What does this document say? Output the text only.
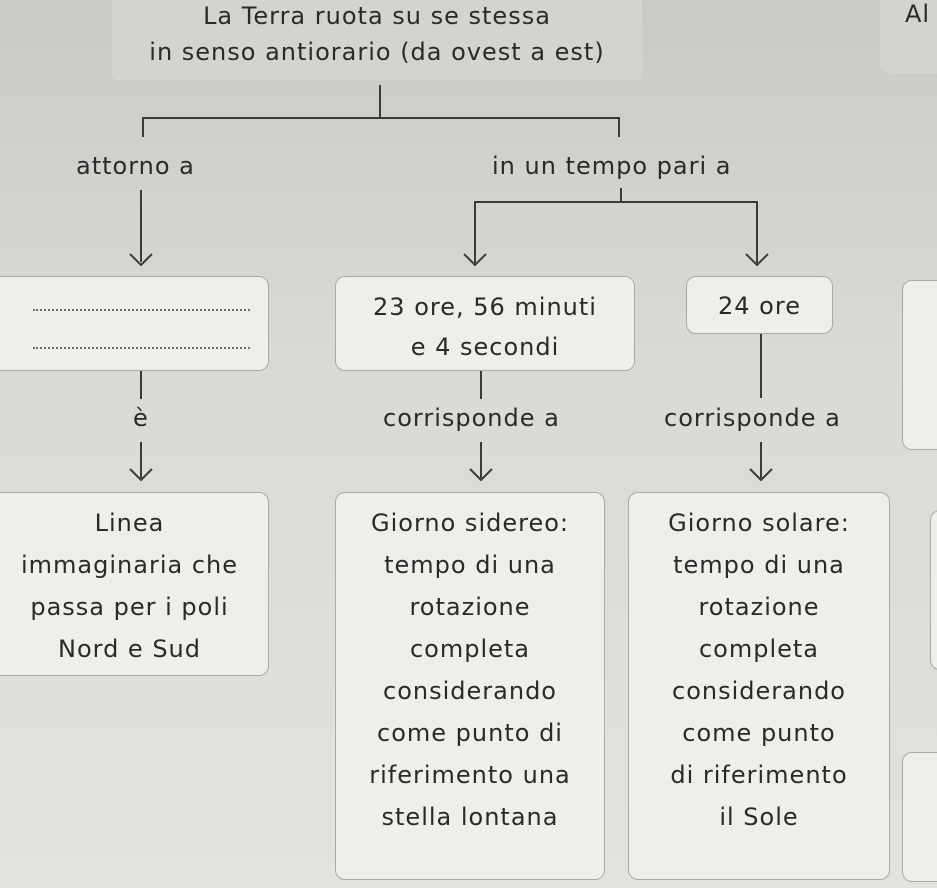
La Terra ruota su se stessa
in senso antiorario (da ovest a est)
Al
attorno a	in un tempo pari a
23 ore, 56 minuti
e 4 secondi
24 ore
è	corrisponde a	corrisponde a
Linea
immaginaria che
passa per i poli
Nord e Sud
Giorno sidereo:
tempo di una
rotazione
completa
considerando
come punto di
riferimento una
stella lontana
Giorno solare:
tempo di una
rotazione
completa
considerando
come punto
di riferimento
il Sole
